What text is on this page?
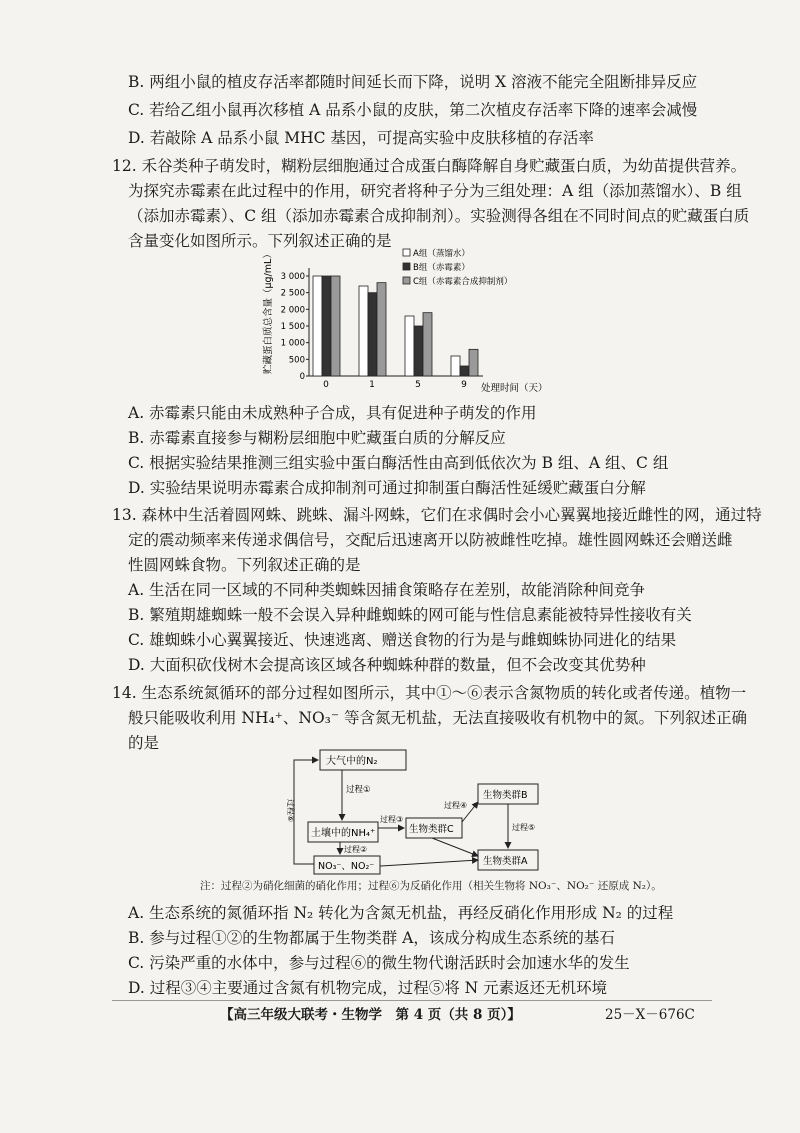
B. 两组小鼠的植皮存活率都随时间延长而下降，说明 X 溶液不能完全阻断排异反应
C. 若给乙组小鼠再次移植 A 品系小鼠的皮肤，第二次植皮存活率下降的速率会减慢
D. 若敲除 A 品系小鼠 MHC 基因，可提高实验中皮肤移植的存活率
12. 禾谷类种子萌发时，糊粉层细胞通过合成蛋白酶降解自身贮藏蛋白质，为幼苗提供营养。
为探究赤霉素在此过程中的作用，研究者将种子分为三组处理：A 组（添加蒸馏水）、B 组
（添加赤霉素）、C 组（添加赤霉素合成抑制剂）。实验测得各组在不同时间点的贮藏蛋白质
含量变化如图所示。下列叙述正确的是
贮藏蛋白质总含量（μg/mL）
0
500
1 000
1 500
2 000
2 500
3 000
0	1	5	9 处理时间（天）
A组（蒸馏水）
B组（赤霉素）
C组（赤霉素合成抑制剂）
A. 赤霉素只能由未成熟种子合成，具有促进种子萌发的作用
B. 赤霉素直接参与糊粉层细胞中贮藏蛋白质的分解反应
C. 根据实验结果推测三组实验中蛋白酶活性由高到低依次为 B 组、A 组、C 组
D. 实验结果说明赤霉素合成抑制剂可通过抑制蛋白酶活性延缓贮藏蛋白分解
13. 森林中生活着圆网蛛、跳蛛、漏斗网蛛，它们在求偶时会小心翼翼地接近雌性的网，通过特
定的震动频率来传递求偶信号，交配后迅速离开以防被雌性吃掉。雄性圆网蛛还会赠送雌
性圆网蛛食物。下列叙述正确的是
A. 生活在同一区域的不同种类蜘蛛因捕食策略存在差别，故能消除种间竞争
B. 繁殖期雄蜘蛛一般不会误入异种雌蜘蛛的网可能与性信息素能被特异性接收有关
C. 雄蜘蛛小心翼翼接近、快速逃离、赠送食物的行为是与雌蜘蛛协同进化的结果
D. 大面积砍伐树木会提高该区域各种蜘蛛种群的数量，但不会改变其优势种
14. 生态系统氮循环的部分过程如图所示，其中①～⑥表示含氮物质的转化或者传递。植物一
般只能吸收利用 NH₄⁺、NO₃⁻ 等含氮无机盐，无法直接吸收有机物中的氮。下列叙述正确
的是
大气中的N₂
土壤中的NH₄⁺
NO₃⁻、NO₂⁻
生物类群C
生物类群B
生物类群A
过程①
过程②
过程③
过程④
过程⑤
过程⑥
注：过程②为硝化细菌的硝化作用；过程⑥为反硝化作用（相关生物将 NO₃⁻、NO₂⁻ 还原成 N₂）。
A. 生态系统的氮循环指 N₂ 转化为含氮无机盐，再经反硝化作用形成 N₂ 的过程
B. 参与过程①②的生物都属于生物类群 A，该成分构成生态系统的基石
C. 污染严重的水体中，参与过程⑥的微生物代谢活跃时会加速水华的发生
D. 过程③④主要通过含氮有机物完成，过程⑤将 N 元素返还无机环境
【高三年级大联考・生物学　第 4 页（共 8 页）】	25－X－676C
